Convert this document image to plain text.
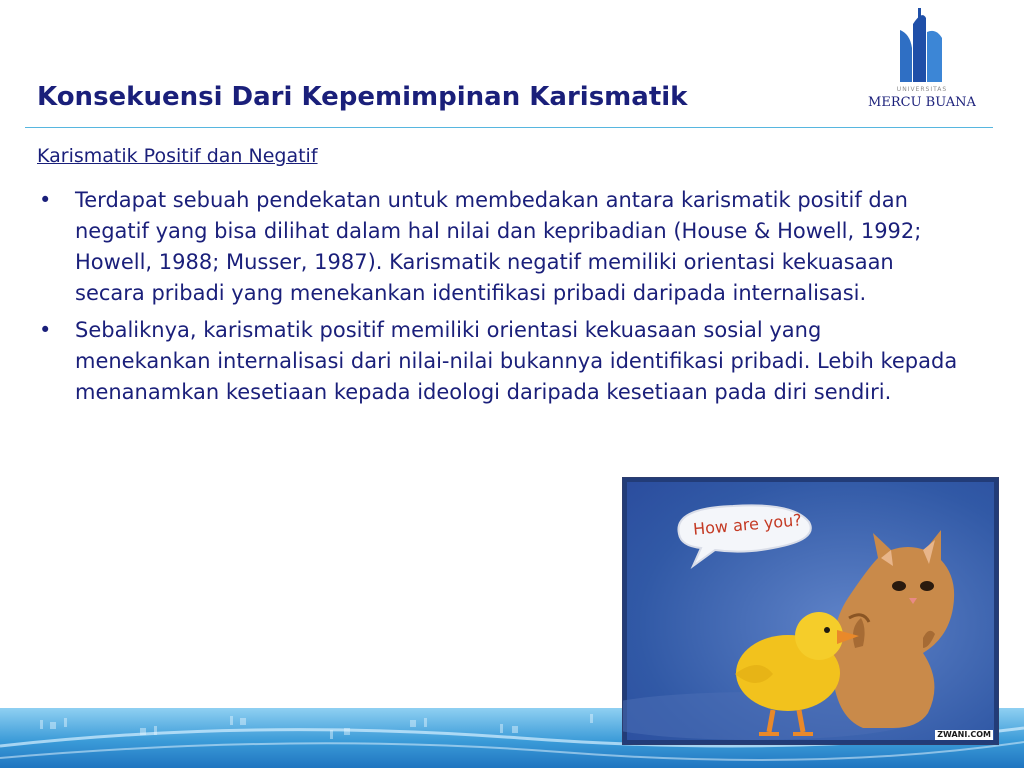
Konsekuensi Dari Kepemimpinan Karismatik	UNIVERSITAS
MERCU BUANA
Karismatik Positif dan Negatif
•	Terdapat sebuah pendekatan untuk membedakan antara karismatik positif dan negatif yang bisa dilihat dalam hal nilai dan kepribadian (House & Howell, 1992; Howell, 1988; Musser, 1987). Karismatik negatif memiliki orientasi kekuasaan secara pribadi yang menekankan identifikasi pribadi daripada internalisasi.
•	Sebaliknya, karismatik positif memiliki orientasi kekuasaan sosial yang menekankan internalisasi dari nilai-nilai bukannya identifikasi pribadi. Lebih kepada menanamkan kesetiaan kepada ideologi daripada kesetiaan pada diri sendiri.
How are you?
ZWANI.COM
